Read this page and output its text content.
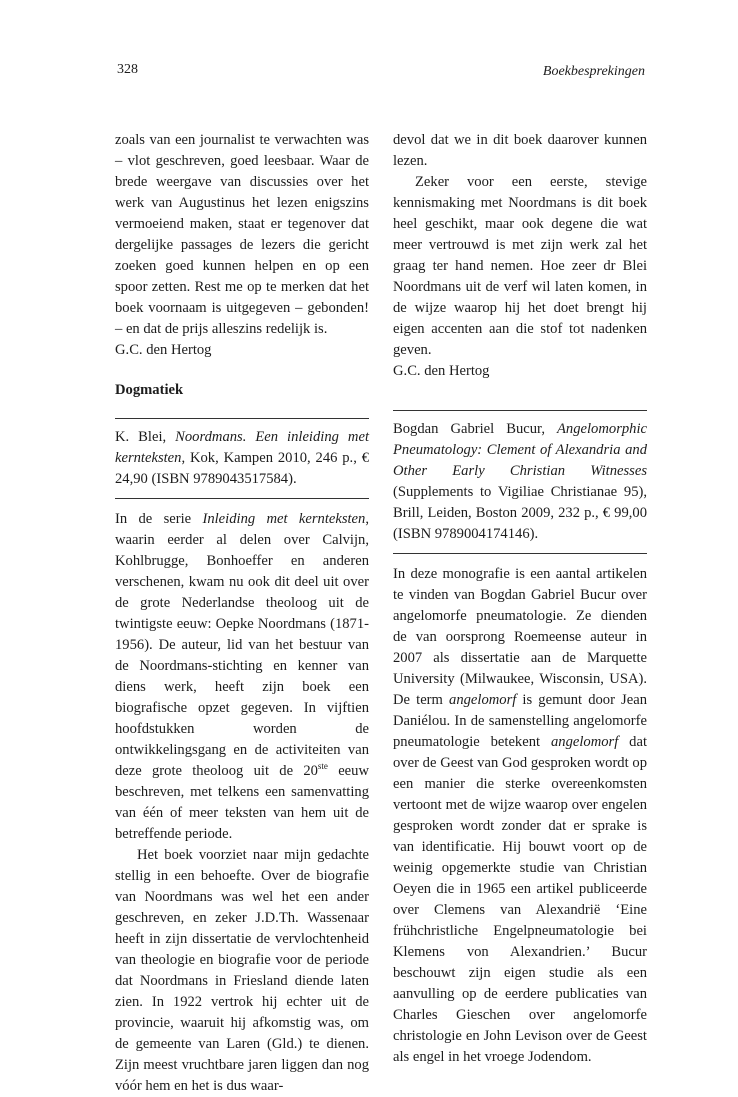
328	Boekbesprekingen

zoals van een journalist te verwachten was – vlot geschreven, goed leesbaar. Waar de brede weergave van discussies over het werk van Augustinus het lezen enigszins vermoeiend maken, staat er tegenover dat dergelijke passages de lezers die gericht zoeken goed kunnen helpen en op een spoor zetten. Rest me op te merken dat het boek voornaam is uitgegeven – gebonden! – en dat de prijs alleszins redelijk is.

G.C. den Hertog

Dogmatiek

K. Blei, Noordmans. Een inleiding met kernteksten, Kok, Kampen 2010, 246 p., € 24,90 (ISBN 9789043517584).

In de serie Inleiding met kernteksten, waarin eerder al delen over Calvijn, Kohlbrugge, Bonhoeffer en anderen verschenen, kwam nu ook dit deel uit over de grote Nederlandse theoloog uit de twintigste eeuw: Oepke Noordmans (1871-1956). De auteur, lid van het bestuur van de Noordmans-stichting en kenner van diens werk, heeft zijn boek een biografische opzet gegeven. In vijftien hoofdstukken worden de ontwikkelingsgang en de activiteiten van deze grote theoloog uit de 20ste eeuw beschreven, met telkens een samenvatting van één of meer teksten van hem uit de betreffende periode.

Het boek voorziet naar mijn gedachte stellig in een behoefte. Over de biografie van Noordmans was wel het een ander geschreven, en zeker J.D.Th. Wassenaar heeft in zijn dissertatie de vervlochtenheid van theologie en biografie voor de periode dat Noordmans in Friesland diende laten zien. In 1922 vertrok hij echter uit de provincie, waaruit hij afkomstig was, om de gemeente van Laren (Gld.) te dienen. Zijn meest vruchtbare jaren liggen dan nog vóór hem en het is dus waar-

devol dat we in dit boek daarover kunnen lezen.

Zeker voor een eerste, stevige kennismaking met Noordmans is dit boek heel geschikt, maar ook degene die wat meer vertrouwd is met zijn werk zal het graag ter hand nemen. Hoe zeer dr Blei Noordmans uit de verf wil laten komen, in de wijze waarop hij het doet brengt hij eigen accenten aan die stof tot nadenken geven.

G.C. den Hertog

Bogdan Gabriel Bucur, Angelomorphic Pneumatology: Clement of Alexandria and Other Early Christian Witnesses (Supplements to Vigiliae Christianae 95), Brill, Leiden, Boston 2009, 232 p., € 99,00 (ISBN 9789004174146).

In deze monografie is een aantal artikelen te vinden van Bogdan Gabriel Bucur over angelomorfe pneumatologie. Ze dienden de van oorsprong Roemeense auteur in 2007 als dissertatie aan de Marquette University (Milwaukee, Wisconsin, USA). De term angelomorf is gemunt door Jean Daniélou. In de samenstelling angelomorfe pneumatologie betekent angelomorf dat over de Geest van God gesproken wordt op een manier die sterke overeenkomsten vertoont met de wijze waarop over engelen gesproken wordt zonder dat er sprake is van identificatie. Hij bouwt voort op de weinig opgemerkte studie van Christian Oeyen die in 1965 een artikel publiceerde over Clemens van Alexandrië ‘Eine frühchristliche Engelpneumatologie bei Klemens von Alexandrien.’ Bucur beschouwt zijn eigen studie als een aanvulling op de eerdere publicaties van Charles Gieschen over angelomorfe christologie en John Levison over de Geest als engel in het vroege Jodendom.
